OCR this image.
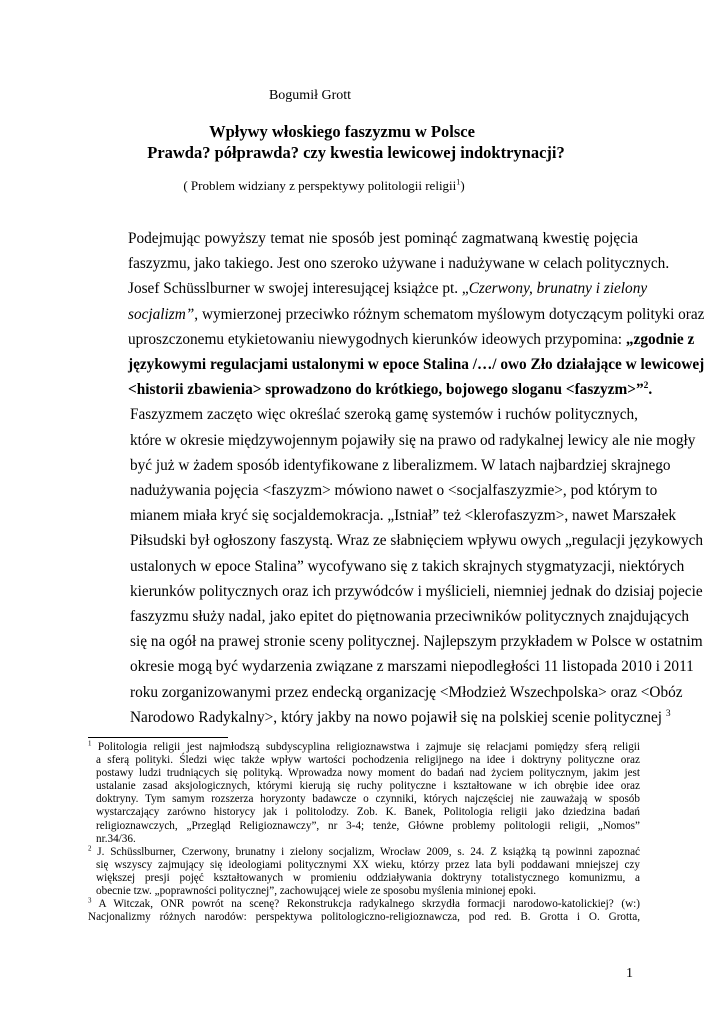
Bogumił Grott
Wpływy włoskiego faszyzmu w Polsce
Prawda? półprawda? czy kwestia lewicowej indoktrynacji?
( Problem widziany z perspektywy politologii religii$^1$)

Podejmując powyższy temat nie sposób jest pominąć zagmatwaną kwestię pojęcia
faszyzmu, jako takiego. Jest ono szeroko używane i nadużywane w celach politycznych.
Josef Schüsslburner w swojej interesującej książce pt. „Czerwony, brunatny i zielony
socjalizm”, wymierzonej przeciwko różnym schematom myślowym dotyczącym polityki oraz
uproszczonemu etykietowaniu niewygodnych kierunków ideowych przypomina: „zgodnie z
językowymi regulacjami ustalonymi w epoce Stalina /…/ owo Zło działające w lewicowej
<historii zbawienia> sprowadzono do krótkiego, bojowego sloganu <faszyzm>”$^2$.

Faszyzmem zaczęto więc określać szeroką gamę systemów i ruchów politycznych,
które w okresie międzywojennym pojawiły się na prawo od radykalnej lewicy ale nie mogły
być już w żadem sposób identyfikowane z liberalizmem. W latach najbardziej skrajnego
nadużywania pojęcia <faszyzm> mówiono nawet o <socjalfaszyzmie>, pod którym to
mianem miała kryć się socjaldemokracja. „Istniał” też <klerofaszyzm>, nawet Marszałek
Piłsudski był ogłoszony faszystą. Wraz ze słabnięciem wpływu owych „regulacji językowych
ustalonych w epoce Stalina” wycofywano się z takich skrajnych stygmatyzacji, niektórych
kierunków politycznych oraz ich przywódców i myślicieli, niemniej jednak do dzisiaj pojecie
faszyzmu służy nadal, jako epitet do piętnowania przeciwników politycznych znajdujących
się na ogół na prawej stronie sceny politycznej. Najlepszym przykładem w Polsce w ostatnim
okresie mogą być wydarzenia związane z marszami niepodległości 11 listopada 2010 i 2011
roku zorganizowanymi przez endecką organizację <Młodzież Wszechpolska> oraz <Obóz
Narodowo Radykalny>, który jakby na nowo pojawił się na polskiej scenie politycznej $^3$

$^1$ Politologia religii jest najmłodszą subdyscyplina religioznawstwa i zajmuje się relacjami pomiędzy sferą religii
a sferą polityki. Śledzi więc także wpływ wartości pochodzenia religijnego na idee i doktryny polityczne oraz
postawy ludzi trudniących się polityką. Wprowadza nowy moment do badań nad życiem politycznym, jakim jest
ustalanie zasad aksjologicznych, którymi kierują się ruchy polityczne i kształtowane w ich obrębie idee oraz
doktryny. Tym samym rozszerza horyzonty badawcze o czynniki, których najczęściej nie zauważają w sposób
wystarczający zarówno historycy jak i politolodzy. Zob. K. Banek, Politologia religii jako dziedzina badań
religioznawczych, „Przegląd Religioznawczy”, nr 3-4; tenże, Główne problemy politologii religii, „Nomos”
nr.34/36.
$^2$ J. Schüsslburner, Czerwony, brunatny i zielony socjalizm, Wrocław 2009, s. 24. Z książką tą powinni zapoznać
się wszyscy zajmujący się ideologiami politycznymi XX wieku, którzy przez lata byli poddawani mniejszej czy
większej presji pojęć kształtowanych w promieniu oddziaływania doktryny totalistycznego komunizmu, a
obecnie tzw. „poprawności politycznej”, zachowującej wiele ze sposobu myślenia minionej epoki.
$^3$ A Witczak, ONR powrót na scenę? Rekonstrukcja radykalnego skrzydła formacji narodowo-katolickiej? (w:)
Nacjonalizmy różnych narodów: perspektywa politologiczno-religioznawcza, pod red. B. Grotta i O. Grotta,
1
